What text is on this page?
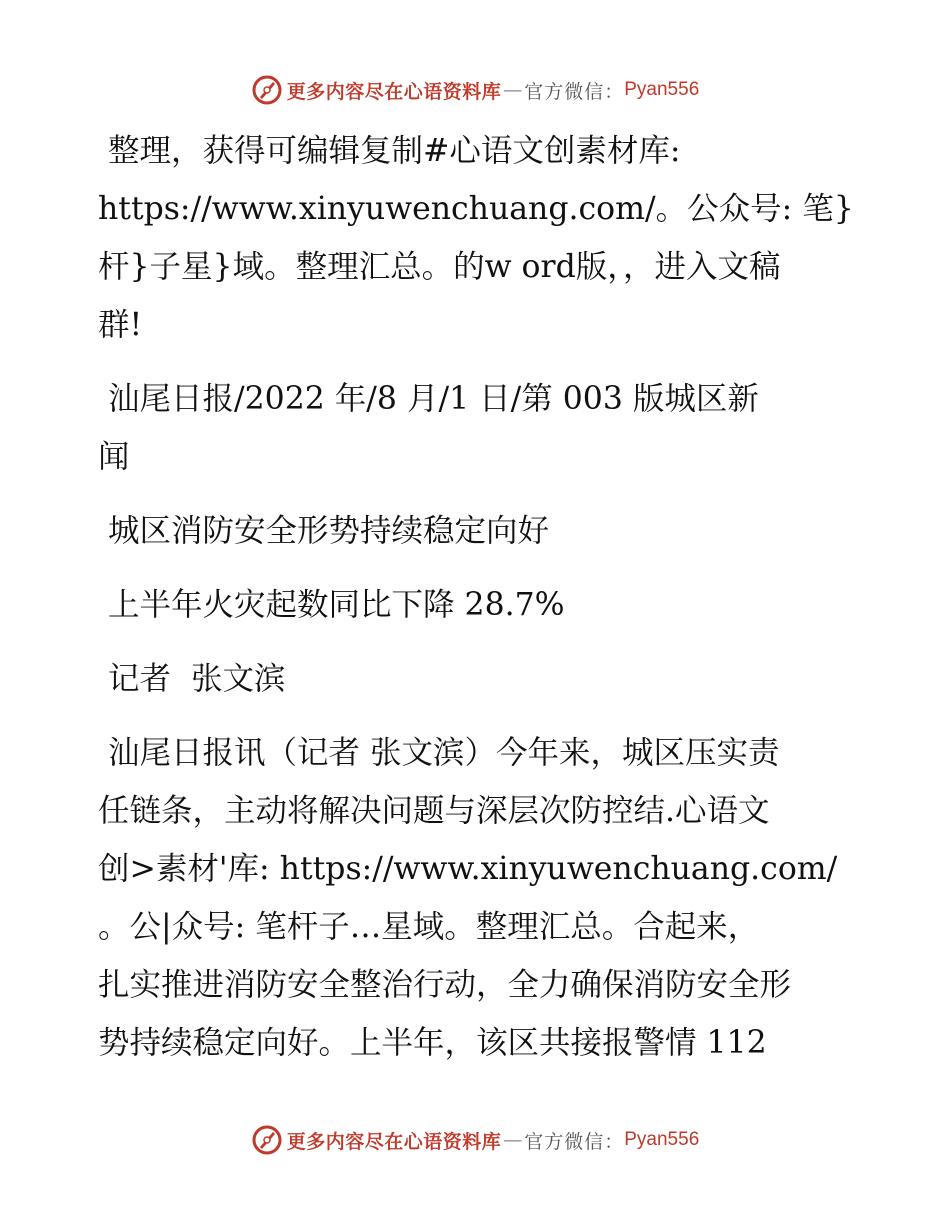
更多内容尽在心语资料库 — 官方微信： Pyan556

整理，获得可编辑复制#心语文创素材库:

https://www.xinyuwenchuang.com/。公众号: 笔}

杆}子星}域。整理汇总。的w ord版，，进入文稿

群!

汕尾日报/2022 年/8 月/1 日/第 003 版城区新

闻

城区消防安全形势持续稳定向好

上半年火灾起数同比下降 28.7%

记者  张文滨

汕尾日报讯（记者 张文滨）今年来，城区压实责

任链条，主动将解决问题与深层次防控结.心语文

创>素材'库: https://www.xinyuwenchuang.com/

。公|众号: 笔杆子…星域。整理汇总。合起来，

扎实推进消防安全整治行动，全力确保消防安全形

势持续稳定向好。上半年，该区共接报警情 112

更多内容尽在心语资料库 — 官方微信： Pyan556
